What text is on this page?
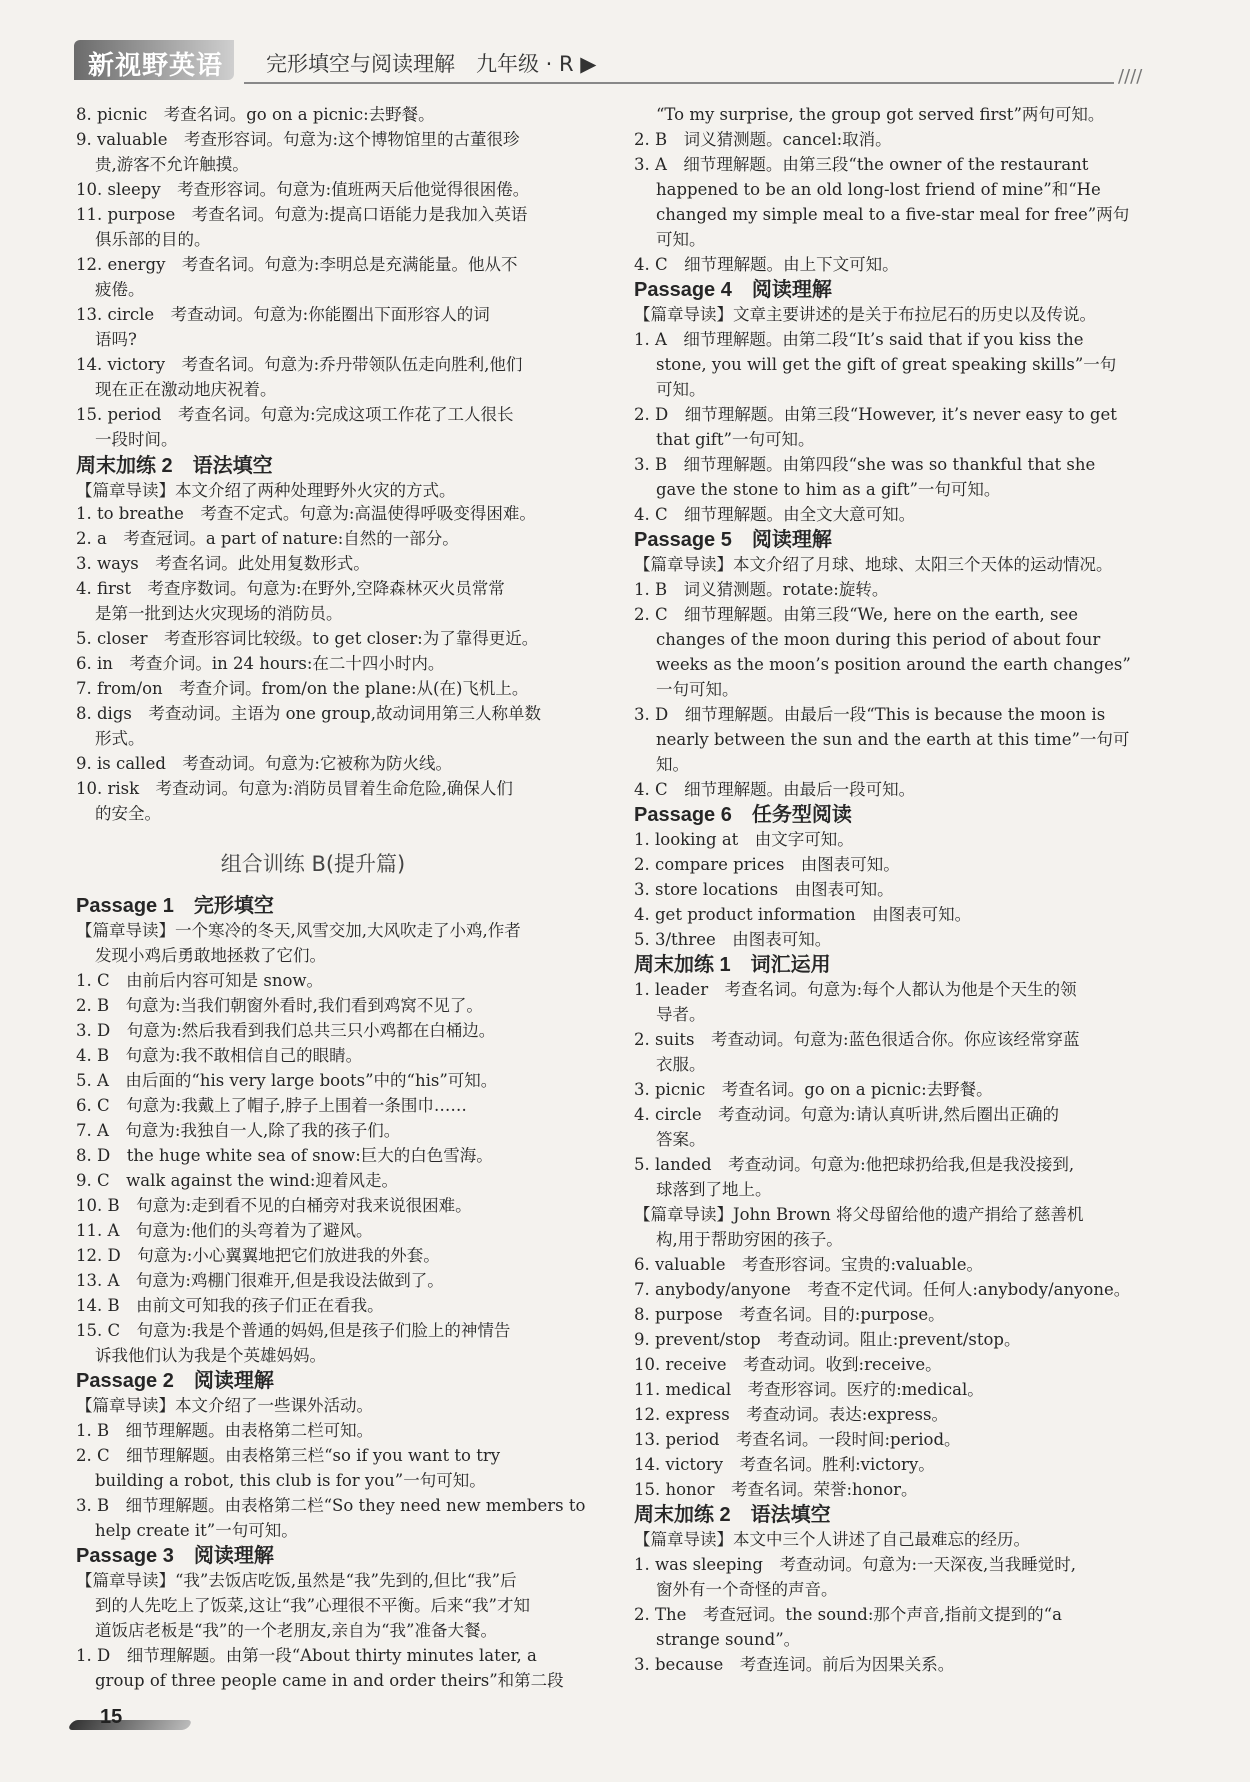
新视野英语 完形填空与阅读理解　九年级 · R ▶
////
8. picnic　考查名词。go on a picnic:去野餐。
9. valuable　考查形容词。句意为:这个博物馆里的古董很珍
贵,游客不允许触摸。
10. sleepy　考查形容词。句意为:值班两天后他觉得很困倦。
11. purpose　考查名词。句意为:提高口语能力是我加入英语
俱乐部的目的。
12. energy　考查名词。句意为:李明总是充满能量。他从不
疲倦。
13. circle　考查动词。句意为:你能圈出下面形容人的词
语吗?
14. victory　考查名词。句意为:乔丹带领队伍走向胜利,他们
现在正在激动地庆祝着。
15. period　考查名词。句意为:完成这项工作花了工人很长
一段时间。
周末加练 2　语法填空
【篇章导读】本文介绍了两种处理野外火灾的方式。
1. to breathe　考查不定式。句意为:高温使得呼吸变得困难。
2. a　考查冠词。a part of nature:自然的一部分。
3. ways　考查名词。此处用复数形式。
4. first　考查序数词。句意为:在野外,空降森林灭火员常常
是第一批到达火灾现场的消防员。
5. closer　考查形容词比较级。to get closer:为了靠得更近。
6. in　考查介词。in 24 hours:在二十四小时内。
7. from/on　考查介词。from/on the plane:从(在)飞机上。
8. digs　考查动词。主语为 one group,故动词用第三人称单数
形式。
9. is called　考查动词。句意为:它被称为防火线。
10. risk　考查动词。句意为:消防员冒着生命危险,确保人们
的安全。
Passage 1　完形填空
【篇章导读】一个寒冷的冬天,风雪交加,大风吹走了小鸡,作者
发现小鸡后勇敢地拯救了它们。
1. C　由前后内容可知是 snow。
2. B　句意为:当我们朝窗外看时,我们看到鸡窝不见了。
3. D　句意为:然后我看到我们总共三只小鸡都在白桶边。
4. B　句意为:我不敢相信自己的眼睛。
5. A　由后面的“his very large boots”中的“his”可知。
6. C　句意为:我戴上了帽子,脖子上围着一条围巾……
7. A　句意为:我独自一人,除了我的孩子们。
8. D　the huge white sea of snow:巨大的白色雪海。
9. C　walk against the wind:迎着风走。
10. B　句意为:走到看不见的白桶旁对我来说很困难。
11. A　句意为:他们的头弯着为了避风。
12. D　句意为:小心翼翼地把它们放进我的外套。
13. A　句意为:鸡棚门很难开,但是我设法做到了。
14. B　由前文可知我的孩子们正在看我。
15. C　句意为:我是个普通的妈妈,但是孩子们脸上的神情告
诉我他们认为我是个英雄妈妈。
Passage 2　阅读理解
【篇章导读】本文介绍了一些课外活动。
1. B　细节理解题。由表格第二栏可知。
2. C　细节理解题。由表格第三栏“so if you want to try
building a robot, this club is for you”一句可知。
3. B　细节理解题。由表格第二栏“So they need new members to
help create it”一句可知。
Passage 3　阅读理解
【篇章导读】“我”去饭店吃饭,虽然是“我”先到的,但比“我”后
到的人先吃上了饭菜,这让“我”心理很不平衡。后来“我”才知
道饭店老板是“我”的一个老朋友,亲自为“我”准备大餐。
1. D　细节理解题。由第一段“About thirty minutes later, a
group of three people came in and order theirs”和第二段
“To my surprise, the group got served first”两句可知。
2. B　词义猜测题。cancel:取消。
3. A　细节理解题。由第三段“the owner of the restaurant
happened to be an old long-lost friend of mine”和“He
changed my simple meal to a five-star meal for free”两句
可知。
4. C　细节理解题。由上下文可知。
Passage 4　阅读理解
【篇章导读】文章主要讲述的是关于布拉尼石的历史以及传说。
1. A　细节理解题。由第二段“It’s said that if you kiss the
stone, you will get the gift of great speaking skills”一句
可知。
2. D　细节理解题。由第三段“However, it’s never easy to get
that gift”一句可知。
3. B　细节理解题。由第四段“she was so thankful that she
gave the stone to him as a gift”一句可知。
4. C　细节理解题。由全文大意可知。
Passage 5　阅读理解
【篇章导读】本文介绍了月球、地球、太阳三个天体的运动情况。
1. B　词义猜测题。rotate:旋转。
2. C　细节理解题。由第三段“We, here on the earth, see
changes of the moon during this period of about four
weeks as the moon’s position around the earth changes”
一句可知。
3. D　细节理解题。由最后一段“This is because the moon is
nearly between the sun and the earth at this time”一句可
知。
4. C　细节理解题。由最后一段可知。
Passage 6　任务型阅读
1. looking at　由文字可知。
2. compare prices　由图表可知。
3. store locations　由图表可知。
4. get product information　由图表可知。
5. 3/three　由图表可知。
周末加练 1　词汇运用
1. leader　考查名词。句意为:每个人都认为他是个天生的领
导者。
2. suits　考查动词。句意为:蓝色很适合你。你应该经常穿蓝
衣服。
3. picnic　考查名词。go on a picnic:去野餐。
4. circle　考查动词。句意为:请认真听讲,然后圈出正确的
答案。
5. landed　考查动词。句意为:他把球扔给我,但是我没接到,
球落到了地上。
【篇章导读】John Brown 将父母留给他的遗产捐给了慈善机
构,用于帮助穷困的孩子。
6. valuable　考查形容词。宝贵的:valuable。
7. anybody/anyone　考查不定代词。任何人:anybody/anyone。
8. purpose　考查名词。目的:purpose。
9. prevent/stop　考查动词。阻止:prevent/stop。
10. receive　考查动词。收到:receive。
11. medical　考查形容词。医疗的:medical。
12. express　考查动词。表达:express。
13. period　考查名词。一段时间:period。
14. victory　考查名词。胜利:victory。
15. honor　考查名词。荣誉:honor。
周末加练 2　语法填空
【篇章导读】本文中三个人讲述了自己最难忘的经历。
1. was sleeping　考查动词。句意为:一天深夜,当我睡觉时,
窗外有一个奇怪的声音。
2. The　考查冠词。the sound:那个声音,指前文提到的“a
strange sound”。
3. because　考查连词。前后为因果关系。
组合训练 B(提升篇)
15
